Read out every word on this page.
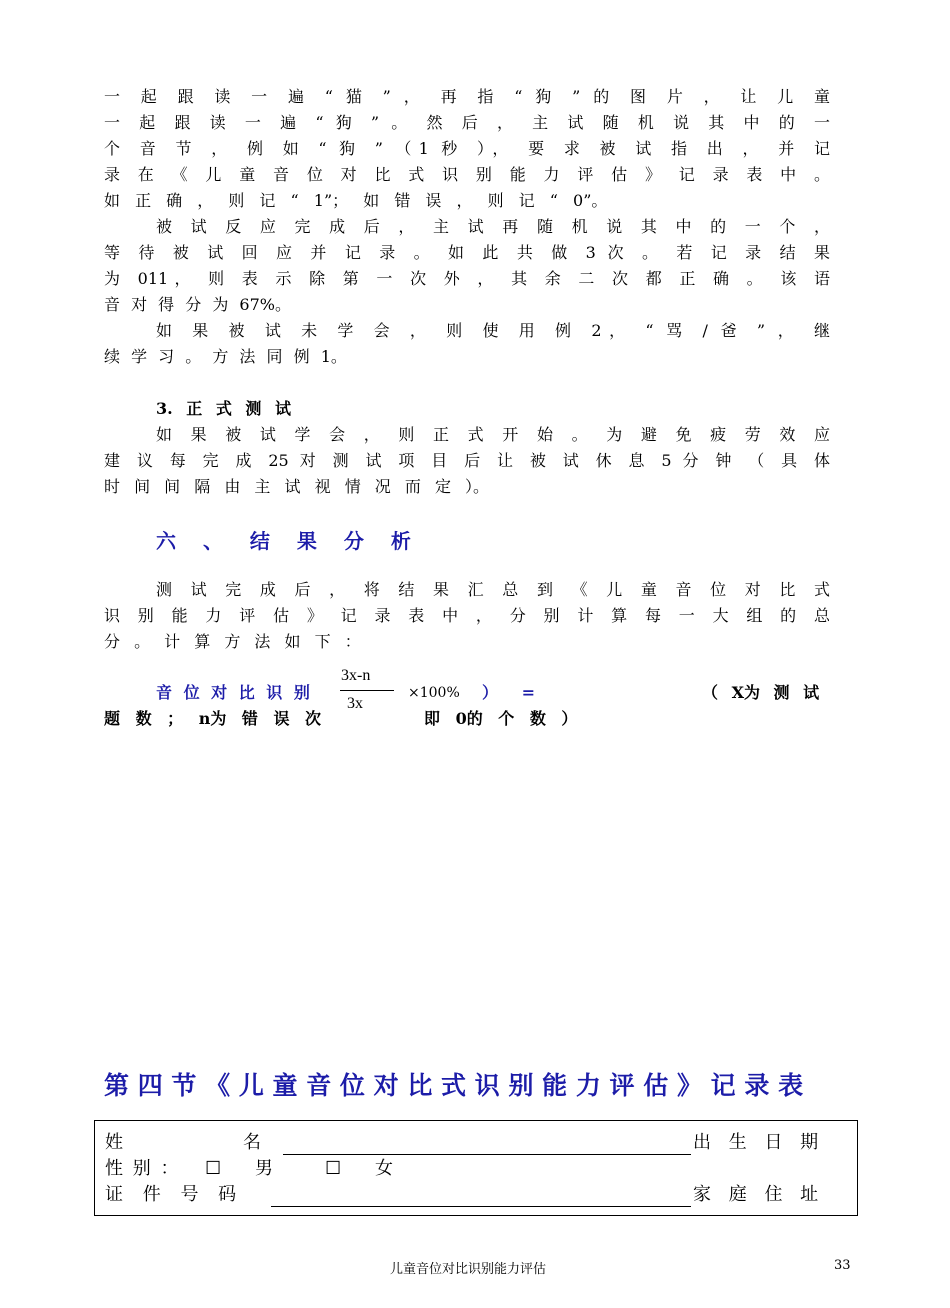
一 起 跟 读 一 遍 “ 猫 ” ， 再 指 “ 狗 ” 的 图 片 ， 让 儿 童
一 起 跟 读 一 遍 “ 狗 ” 。 然 后 ， 主 试 随 机 说 其 中 的 一
个 音 节 ， 例 如 “ 狗 ” （1 秒 ）， 要 求 被 试 指 出 ， 并 记
录 在 《 儿 童 音 位 对 比 式 识 别 能 力 评 估 》 记 录 表 中 。
如 正 确 ， 则 记 “ 1”； 如 错 误 ， 则 记 “ 0”。
被 试 反 应 完 成 后 ， 主 试 再 随 机 说 其 中 的 一 个 ，
等 待 被 试 回 应 并 记 录 。 如 此 共 做 3 次 。 若 记 录 结 果
为 011， 则 表 示 除 第 一 次 外 ， 其 余 二 次 都 正 确 。 该 语
音 对 得 分 为 67%。
如 果 被 试 未 学 会 ， 则 使 用 例 2， “ 骂 / 爸 ” ， 继
续 学 习 。 方 法 同 例 1。
3. 正 式 测 试
如 果 被 试 学 会 ， 则 正 式 开 始 。 为 避 免 疲 劳 效 应
建 议 每 完 成 25 对 测 试 项 目 后 让 被 试 休 息 5 分 钟 （ 具 体
时 间 间 隔 由 主 试 视 情 况 而 定 ）。
六 、 结 果 分 析
测 试 完 成 后 ， 将 结 果 汇 总 到 《 儿 童 音 位 对 比 式
识 别 能 力 评 估 》 记 录 表 中 ， 分 别 计 算 每 一 大 组 的 总
分 。 计 算 方 法 如 下 ：
音 位 对 比 识 别
3x-n
3x
×100% ） =	（ X为 测 试
题 数 ； n为 错 误 次	即 0的 个 数 ）
第 四 节 《 儿 童 音 位 对 比 式 识 别 能 力 评 估 》 记 录 表
姓	名	出 生 日 期
性 别 ： ☐ 男	☐ 女
证 件 号 码	家 庭 住 址
儿童音位对比识别能力评估	33
